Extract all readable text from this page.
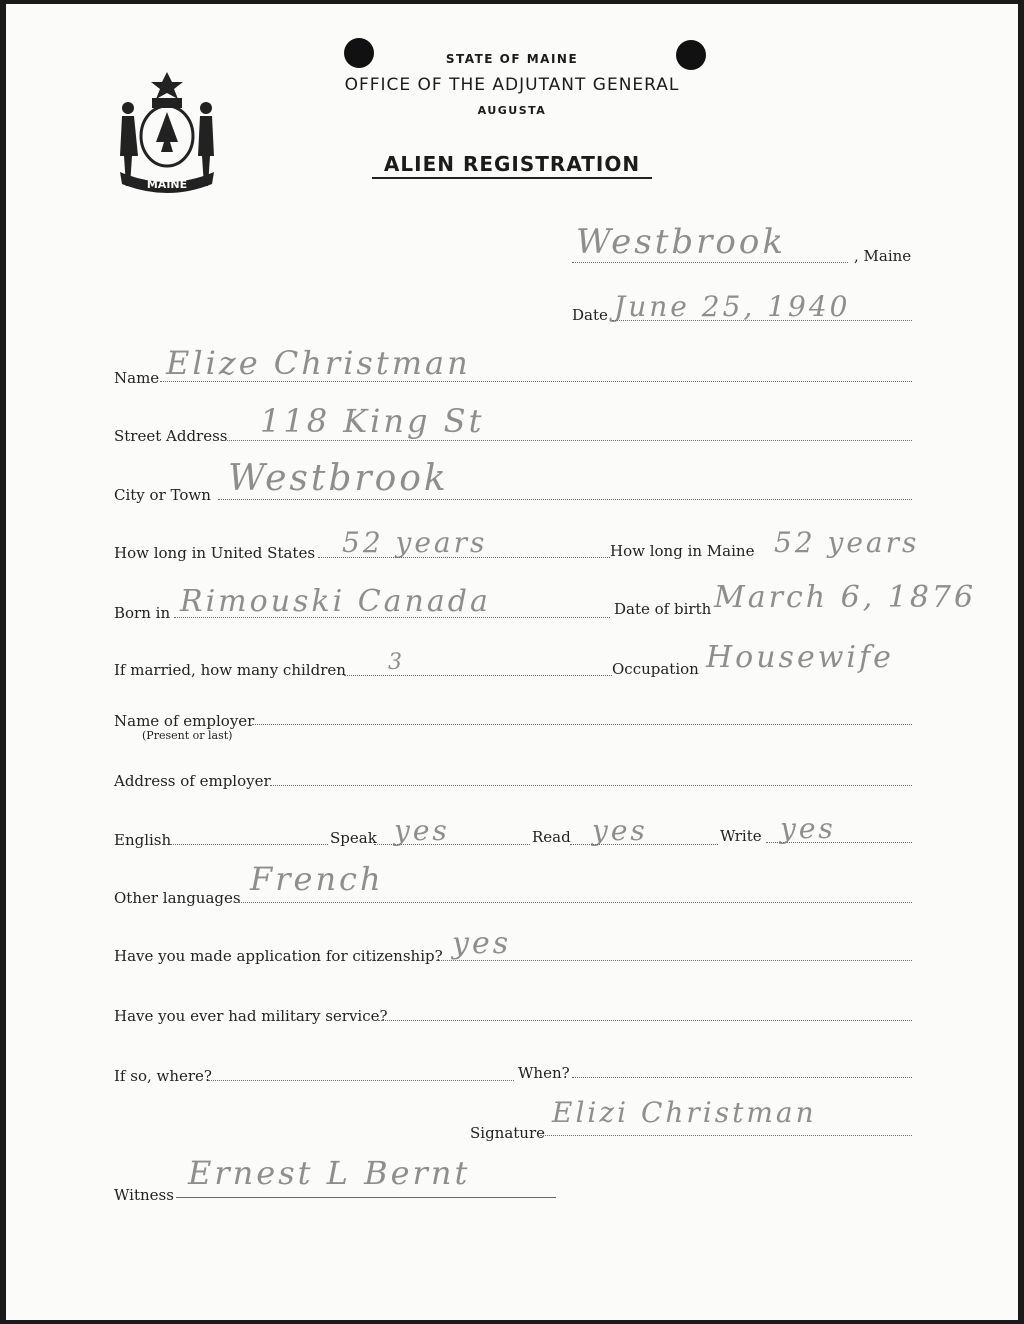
MAINE
STATE OF MAINE
OFFICE OF THE ADJUTANT GENERAL
AUGUSTA
ALIEN REGISTRATION
Westbrook	, Maine
Date June 25, 1940
Name Elize Christman
Street Address 118 King St
City or Town Westbrook
How long in United States 52 years	How long in Maine 52 years
Born in Rimouski Canada	Date of birth March 6, 1876
If married, how many children 3	Occupation Housewife
Name of employer
(Present or last)
Address of employer
English	Speak yes	Read yes	Write yes
Other languages French
Have you made application for citizenship? yes
Have you ever had military service?
If so, where?	When?
Signature
Elizi Christman
Witness
Ernest L Bernt
